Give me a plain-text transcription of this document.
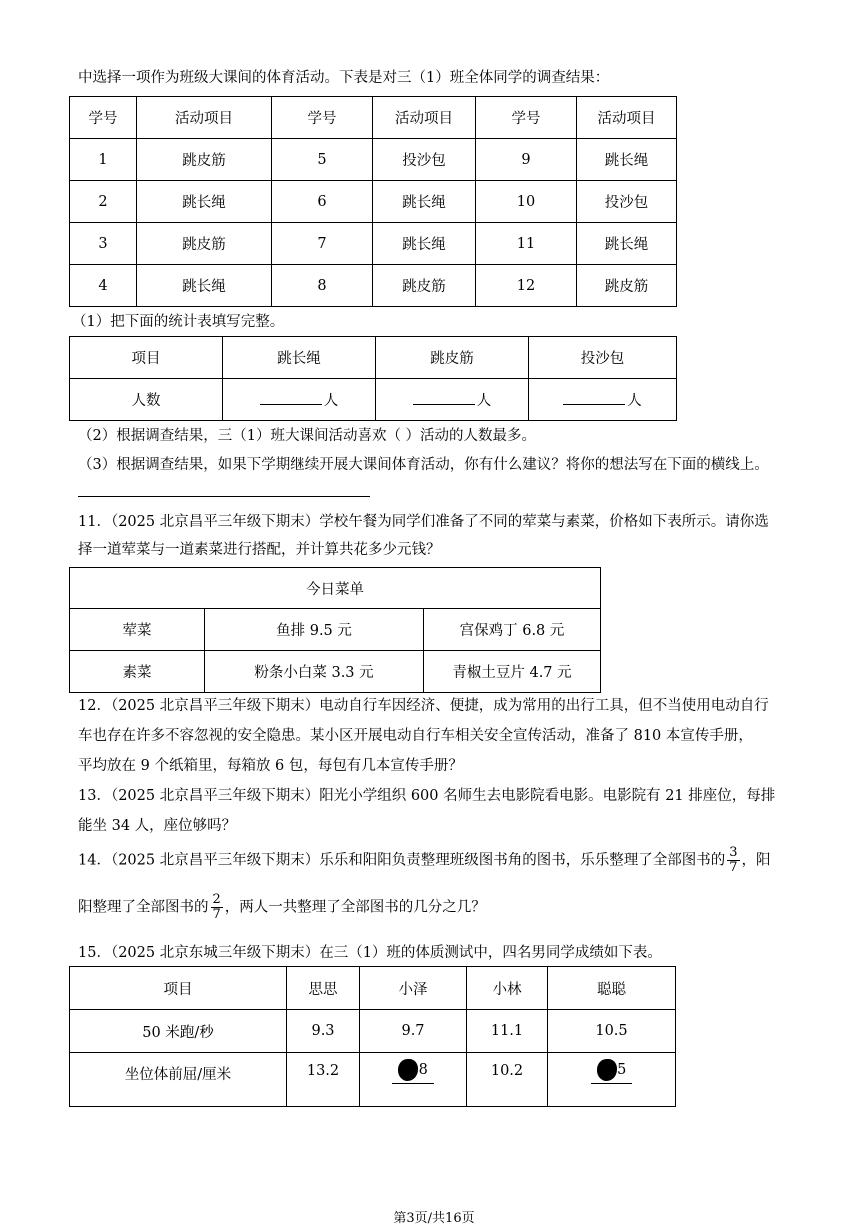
中选择一项作为班级大课间的体育活动。下表是对三（1）班全体同学的调查结果：
学号	活动项目	学号	活动项目	学号	活动项目
1	跳皮筋	5	投沙包	9	跳长绳
2	跳长绳	6	跳长绳	10	投沙包
3	跳皮筋	7	跳长绳	11	跳长绳
4	跳长绳	8	跳皮筋	12	跳皮筋
（1）把下面的统计表填写完整。
项目	跳长绳	跳皮筋	投沙包
人数	人	人	人
（2）根据调查结果，三（1）班大课间活动喜欢（ ）活动的人数最多。
（3）根据调查结果，如果下学期继续开展大课间体育活动，你有什么建议？将你的想法写在下面的横线上。
11．（2025 北京昌平三年级下期末）学校午餐为同学们准备了不同的荤菜与素菜，价格如下表所示。请你选
择一道荤菜与一道素菜进行搭配，并计算共花多少元钱？
今日菜单		
荤菜	鱼排 9.5 元	宫保鸡丁 6.8 元
素菜	粉条小白菜 3.3 元	青椒土豆片 4.7 元
12．（2025 北京昌平三年级下期末）电动自行车因经济、便捷，成为常用的出行工具，但不当使用电动自行
车也存在许多不容忽视的安全隐患。某小区开展电动自行车相关安全宣传活动，准备了 810 本宣传手册，
平均放在 9 个纸箱里，每箱放 6 包，每包有几本宣传手册？
13．（2025 北京昌平三年级下期末）阳光小学组织 600 名师生去电影院看电影。电影院有 21 排座位，每排
能坐 34 人，座位够吗？
14．（2025 北京昌平三年级下期末）乐乐和阳阳负责整理班级图书角的图书，乐乐整理了全部图书的 $\frac{3}{7}$ ，阳
阳整理了全部图书的 $\frac{2}{7}$ ，两人一共整理了全部图书的几分之几？
15．（2025 北京东城三年级下期末）在三（1）班的体质测试中，四名男同学成绩如下表。
项目	思思	小泽	小林	聪聪
50 米跑/秒	9.3	9.7	11.1	10.5
坐位体前屈/厘米	13.2	.8	10.2	.5
第3页/共16页
